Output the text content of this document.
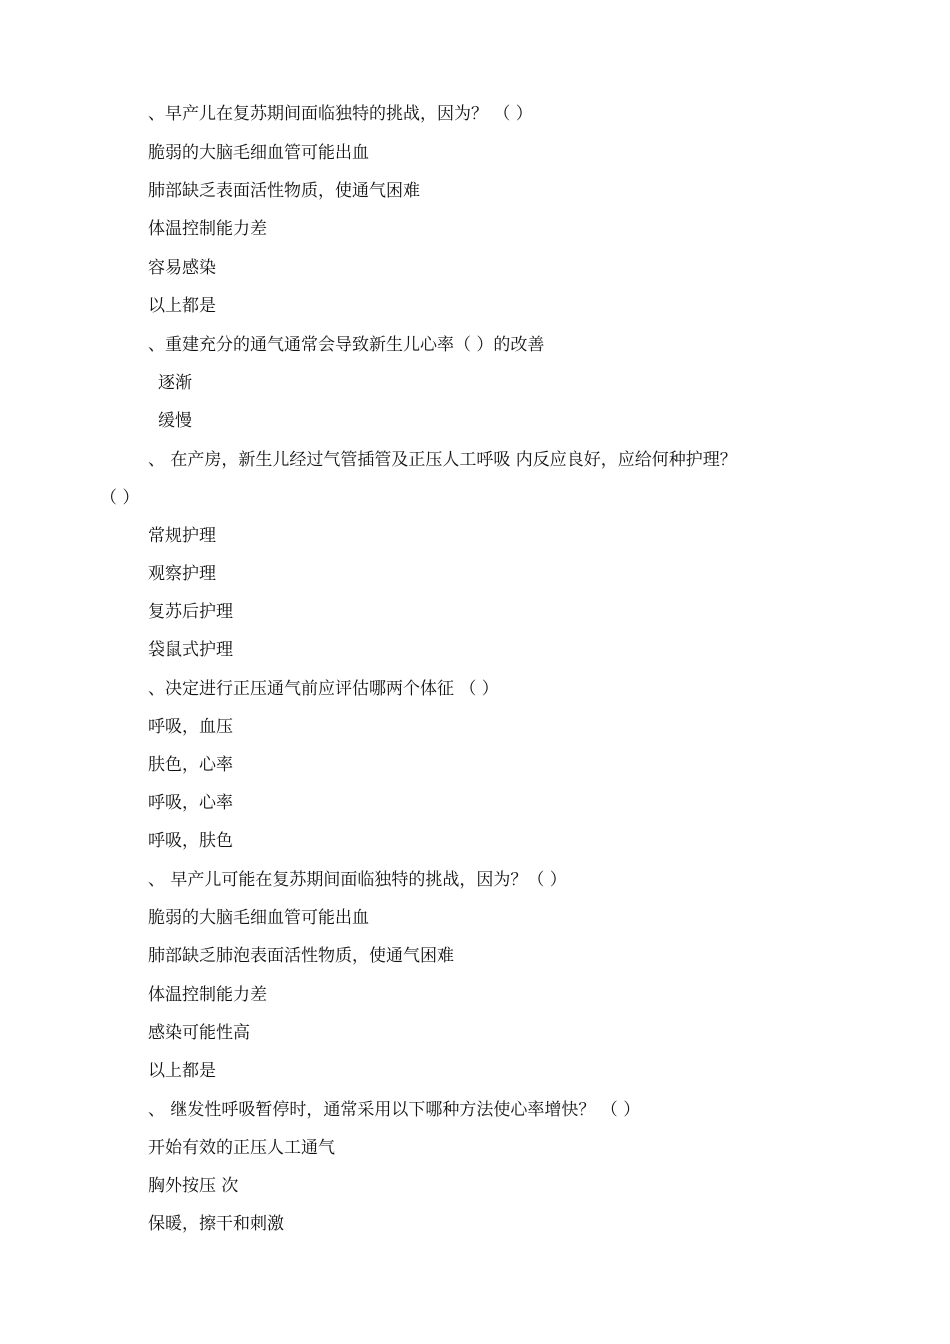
、早产儿在复苏期间面临独特的挑战，因为？ （ ）
脆弱的大脑毛细血管可能出血
肺部缺乏表面活性物质，使通气困难
体温控制能力差
容易感染
以上都是
、重建充分的通气通常会导致新生儿心率（ ）的改善
逐渐
缓慢
、 在产房，新生儿经过气管插管及正压人工呼吸 内反应良好，应给何种护理？
（ ）
常规护理
观察护理
复苏后护理
袋鼠式护理
、决定进行正压通气前应评估哪两个体征 （ ）
呼吸，血压
肤色，心率
呼吸，心率
呼吸，肤色
、 早产儿可能在复苏期间面临独特的挑战，因为？（ ）
脆弱的大脑毛细血管可能出血
肺部缺乏肺泡表面活性物质，使通气困难
体温控制能力差
感染可能性高
以上都是
、 继发性呼吸暂停时，通常采用以下哪种方法使心率增快？ （ ）
开始有效的正压人工通气
胸外按压 次
保暖，擦干和刺激
